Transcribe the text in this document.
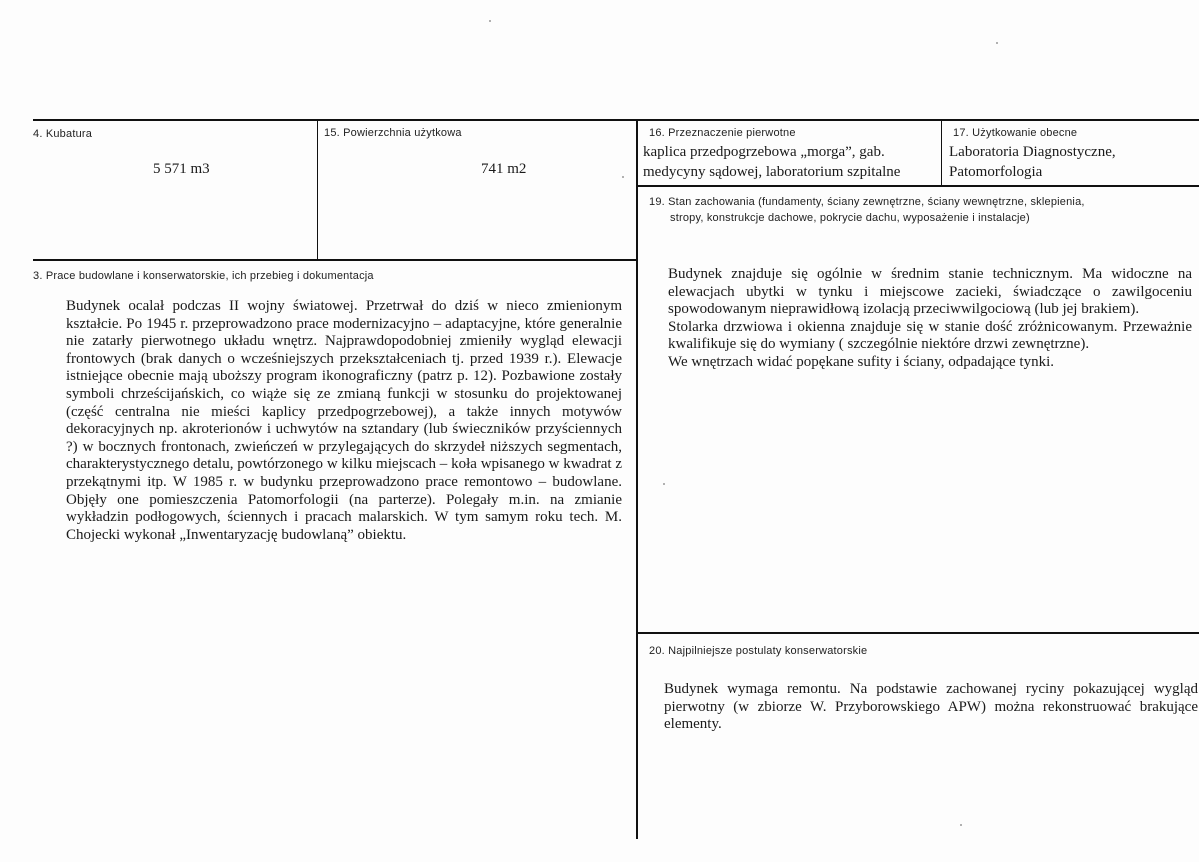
4. Kubatura
5 571 m3
15. Powierzchnia użytkowa
741 m2
16. Przeznaczenie pierwotne
kaplica przedpogrzebowa „morga”, gab.
medycyny sądowej, laboratorium szpitalne
17. Użytkowanie obecne
Laboratoria Diagnostyczne,
Patomorfologia
3. Prace budowlane i konserwatorskie, ich przebieg i dokumentacja

Budynek ocalał podczas II wojny światowej. Przetrwał do dziś w nieco zmienionym kształcie. Po 1945 r. przeprowadzono prace modernizacyjno – adaptacyjne, które generalnie nie zatarły pierwotnego układu wnętrz. Najprawdopodobniej zmieniły wygląd elewacji frontowych (brak danych o wcześniejszych przekształceniach tj. przed 1939 r.). Elewacje istniejące obecnie mają uboższy program ikonograficzny (patrz p. 12). Pozbawione zostały symboli chrześcijańskich, co wiąże się ze zmianą funkcji w stosunku do projektowanej (część centralna nie mieści kaplicy przedpogrzebowej), a także innych motywów dekoracyjnych np. akroterionów i uchwytów na sztandary (lub świeczników przyściennych ?) w bocznych frontonach, zwieńczeń w przylegających do skrzydeł niższych segmentach, charakterystycznego detalu, powtórzonego w kilku miejscach – koła wpisanego w kwadrat z przekątnymi itp. W 1985 r. w budynku przeprowadzono prace remontowo – budowlane. Objęły one pomieszczenia Patomorfologii (na parterze). Polegały m.in. na zmianie wykładzin podłogowych, ściennych i pracach malarskich. W tym samym roku tech. M. Chojecki wykonał „Inwentaryzację budowlaną” obiektu.

19. Stan zachowania (fundamenty, ściany zewnętrzne, ściany wewnętrzne, sklepienia,
stropy, konstrukcje dachowe, pokrycie dachu, wyposażenie i instalacje)

Budynek znajduje się ogólnie w średnim stanie technicznym. Ma widoczne na elewacjach ubytki w tynku i miejscowe zacieki, świadczące o zawilgoceniu spowodowanym nieprawidłową izolacją przeciwwilgociową (lub jej brakiem).

Stolarka drzwiowa i okienna znajduje się w stanie dość zróżnicowanym. Przeważnie kwalifikuje się do wymiany ( szczególnie niektóre drzwi zewnętrzne).

We wnętrzach widać popękane sufity i ściany, odpadające tynki.

20. Najpilniejsze postulaty konserwatorskie

Budynek wymaga remontu. Na podstawie zachowanej ryciny pokazującej wygląd pierwotny (w zbiorze W. Przyborowskiego APW) można rekonstruować brakujące elementy.
